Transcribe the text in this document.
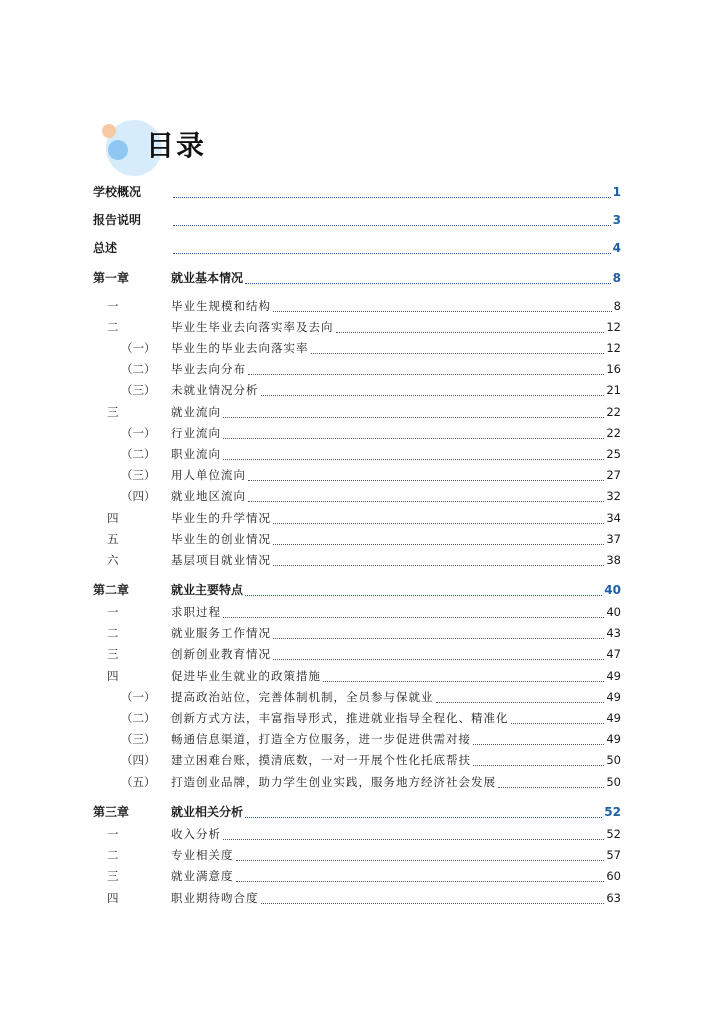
目录
学校概况	1
报告说明	3
总述	4
第一章	就业基本情况	8
一	毕业生规模和结构	8
二	毕业生毕业去向落实率及去向	12
（一） 毕业生的毕业去向落实率	12
（二） 毕业去向分布	16
（三） 未就业情况分析	21
三	就业流向	22
（一） 行业流向	22
（二） 职业流向	25
（三） 用人单位流向	27
（四） 就业地区流向	32
四	毕业生的升学情况	34
五	毕业生的创业情况	37
六	基层项目就业情况	38
第二章	就业主要特点	40
一	求职过程	40
二	就业服务工作情况	43
三	创新创业教育情况	47
四	促进毕业生就业的政策措施	49
（一） 提高政治站位，完善体制机制，全员参与保就业	49
（二） 创新方式方法，丰富指导形式，推进就业指导全程化、精准化	49
（三） 畅通信息渠道，打造全方位服务，进一步促进供需对接	49
（四） 建立困难台账，摸清底数，一对一开展个性化托底帮扶	50
（五） 打造创业品牌，助力学生创业实践，服务地方经济社会发展	50
第三章	就业相关分析	52
一	收入分析	52
二	专业相关度	57
三	就业满意度	60
四	职业期待吻合度	63
